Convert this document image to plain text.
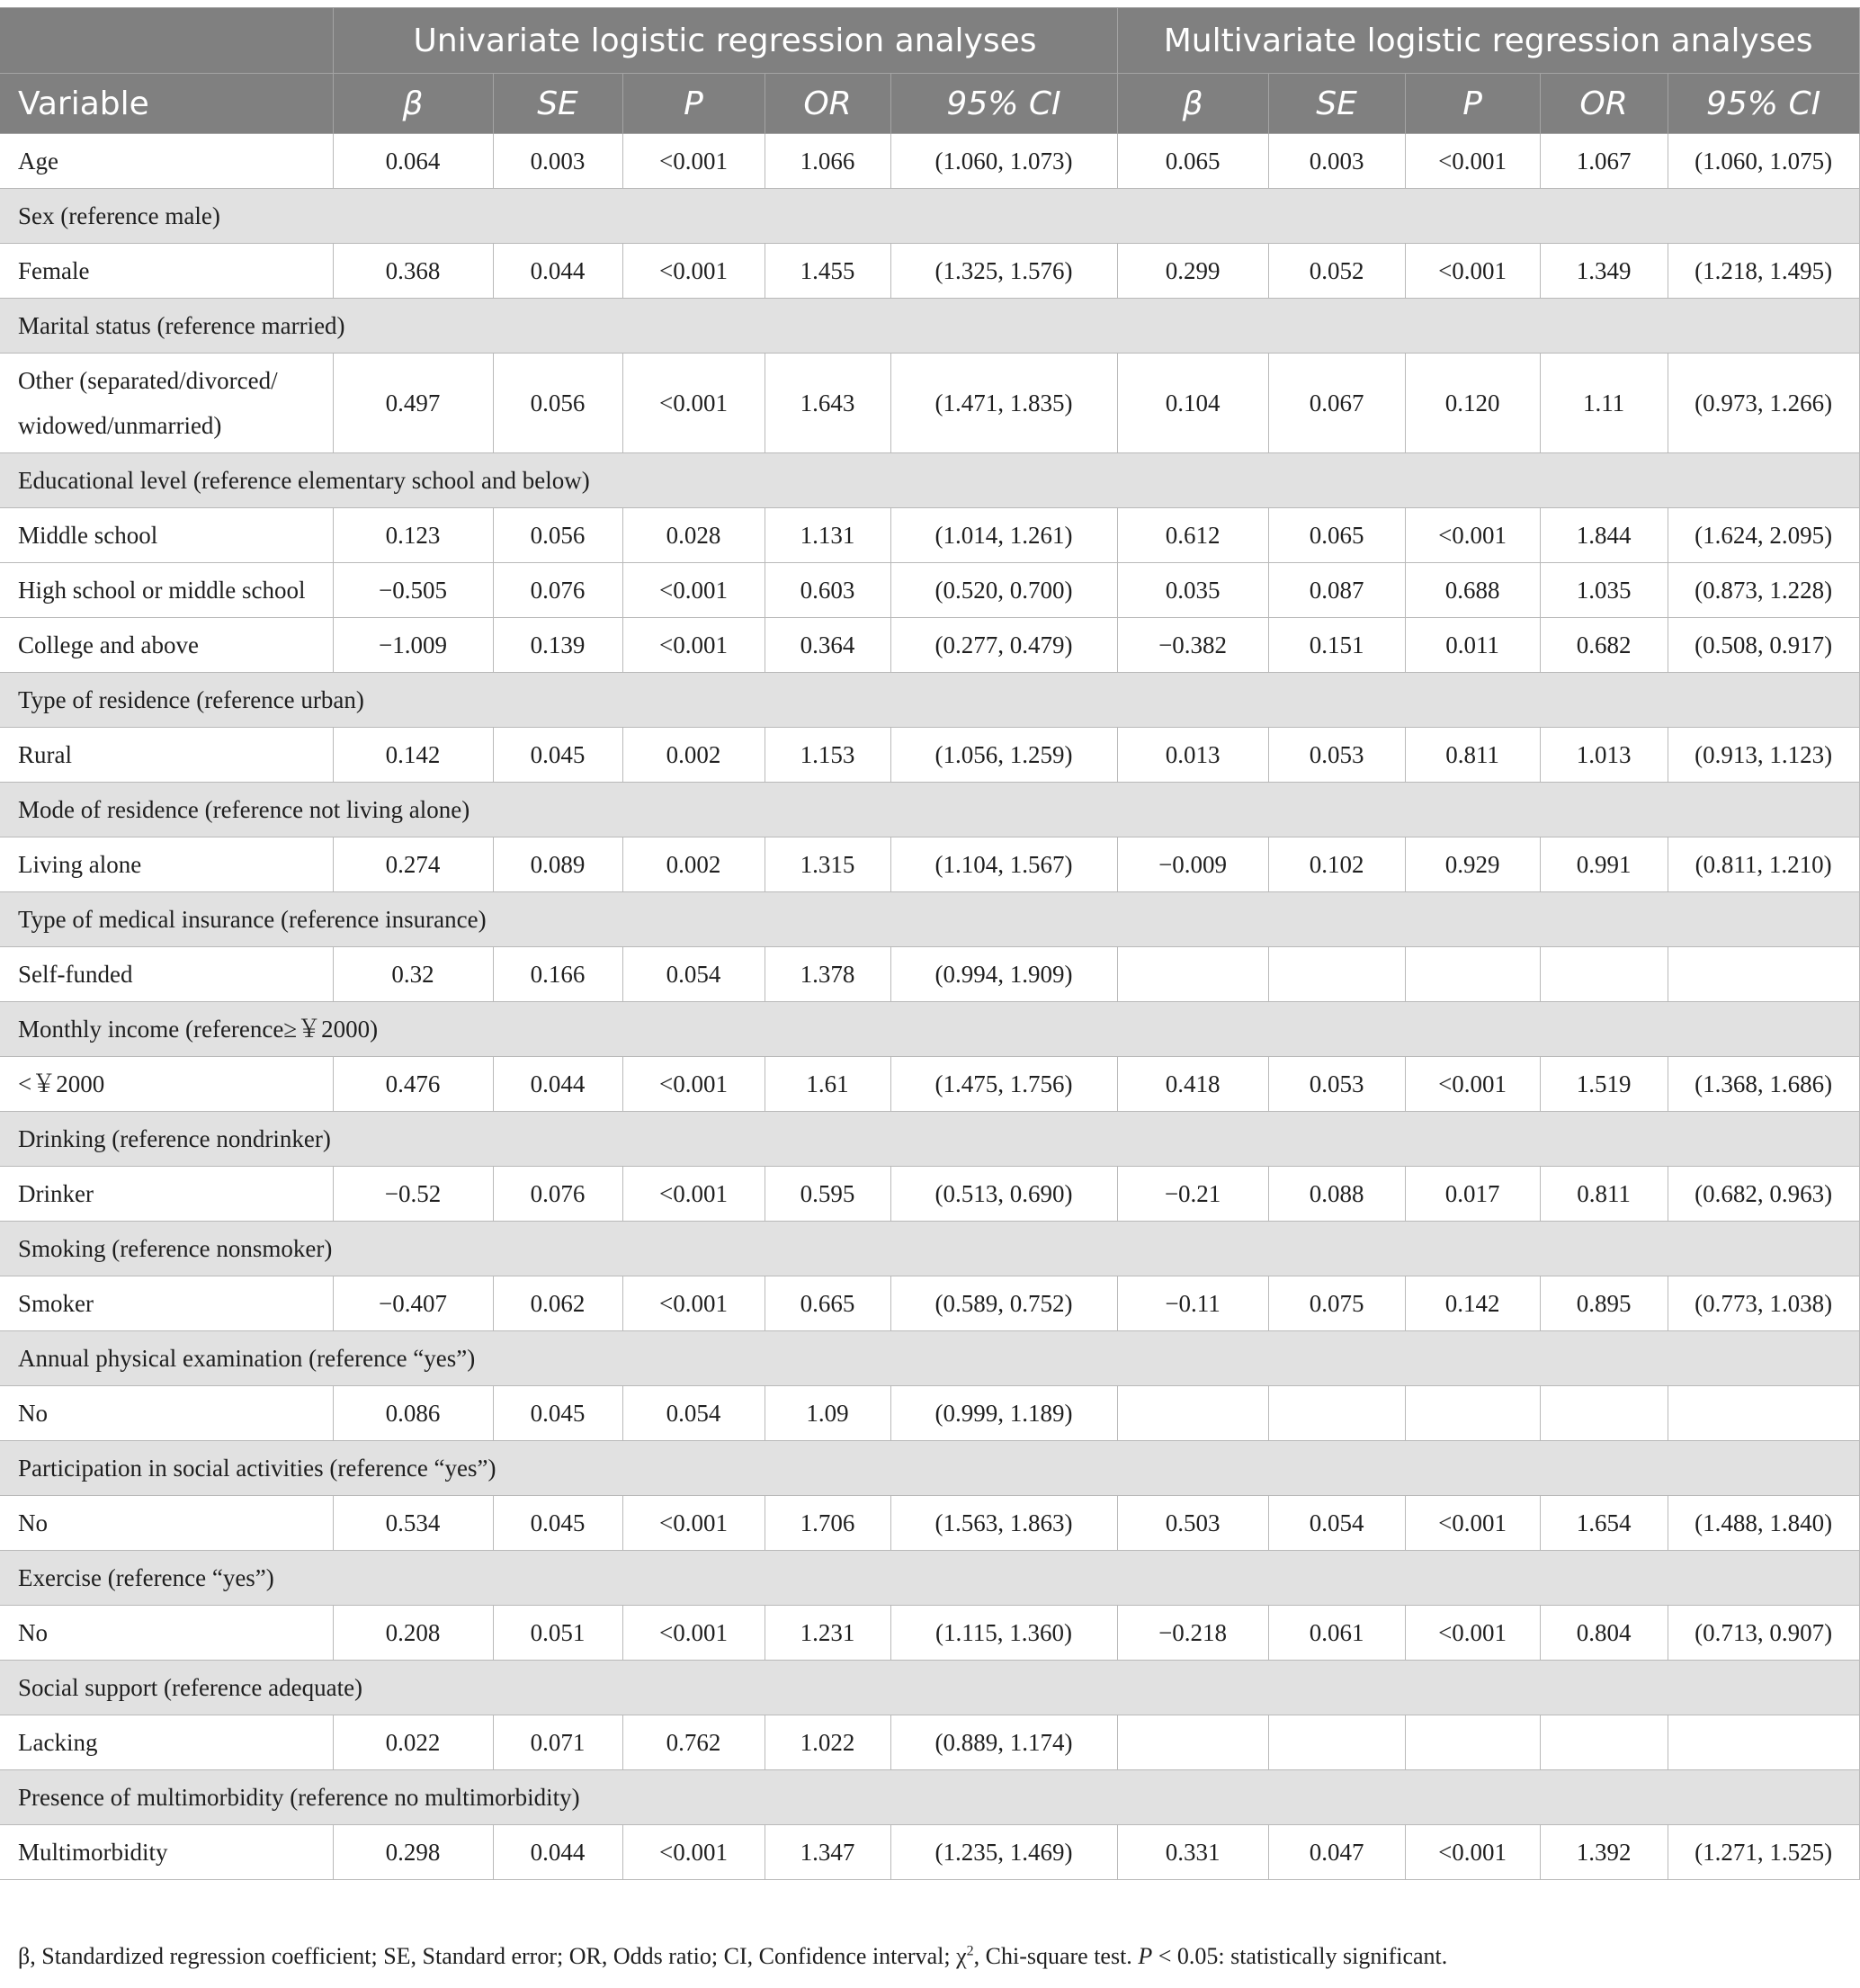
	Univariate logistic regression analyses					Multivariate logistic regression analyses				
Variable	β	SE	P	OR	95% CI	β	SE	P	OR	95% CI
Age	0.064	0.003	<0.001	1.066	(1.060, 1.073)	0.065	0.003	<0.001	1.067	(1.060, 1.075)
Sex (reference male)										
Female	0.368	0.044	<0.001	1.455	(1.325, 1.576)	0.299	0.052	<0.001	1.349	(1.218, 1.495)
Marital status (reference married)										
Other (separated/divorced/ widowed/unmarried)	0.497	0.056	<0.001	1.643	(1.471, 1.835)	0.104	0.067	0.120	1.11	(0.973, 1.266)
Educational level (reference elementary school and below)										
Middle school	0.123	0.056	0.028	1.131	(1.014, 1.261)	0.612	0.065	<0.001	1.844	(1.624, 2.095)
High school or middle school	−0.505	0.076	<0.001	0.603	(0.520, 0.700)	0.035	0.087	0.688	1.035	(0.873, 1.228)
College and above	−1.009	0.139	<0.001	0.364	(0.277, 0.479)	−0.382	0.151	0.011	0.682	(0.508, 0.917)
Type of residence (reference urban)										
Rural	0.142	0.045	0.002	1.153	(1.056, 1.259)	0.013	0.053	0.811	1.013	(0.913, 1.123)
Mode of residence (reference not living alone)										
Living alone	0.274	0.089	0.002	1.315	(1.104, 1.567)	−0.009	0.102	0.929	0.991	(0.811, 1.210)
Type of medical insurance (reference insurance)										
Self-funded	0.32	0.166	0.054	1.378	(0.994, 1.909)					
Monthly income (reference≥￥2000)										
<￥2000	0.476	0.044	<0.001	1.61	(1.475, 1.756)	0.418	0.053	<0.001	1.519	(1.368, 1.686)
Drinking (reference nondrinker)										
Drinker	−0.52	0.076	<0.001	0.595	(0.513, 0.690)	−0.21	0.088	0.017	0.811	(0.682, 0.963)
Smoking (reference nonsmoker)										
Smoker	−0.407	0.062	<0.001	0.665	(0.589, 0.752)	−0.11	0.075	0.142	0.895	(0.773, 1.038)
Annual physical examination (reference “yes”)										
No	0.086	0.045	0.054	1.09	(0.999, 1.189)					
Participation in social activities (reference “yes”)										
No	0.534	0.045	<0.001	1.706	(1.563, 1.863)	0.503	0.054	<0.001	1.654	(1.488, 1.840)
Exercise (reference “yes”)										
No	0.208	0.051	<0.001	1.231	(1.115, 1.360)	−0.218	0.061	<0.001	0.804	(0.713, 0.907)
Social support (reference adequate)										
Lacking	0.022	0.071	0.762	1.022	(0.889, 1.174)					
Presence of multimorbidity (reference no multimorbidity)										
Multimorbidity	0.298	0.044	<0.001	1.347	(1.235, 1.469)	0.331	0.047	<0.001	1.392	(1.271, 1.525)
β, Standardized regression coefficient; SE, Standard error; OR, Odds ratio; CI, Confidence interval; $\chi^2$, Chi-square test. P < 0.05: statistically significant.
